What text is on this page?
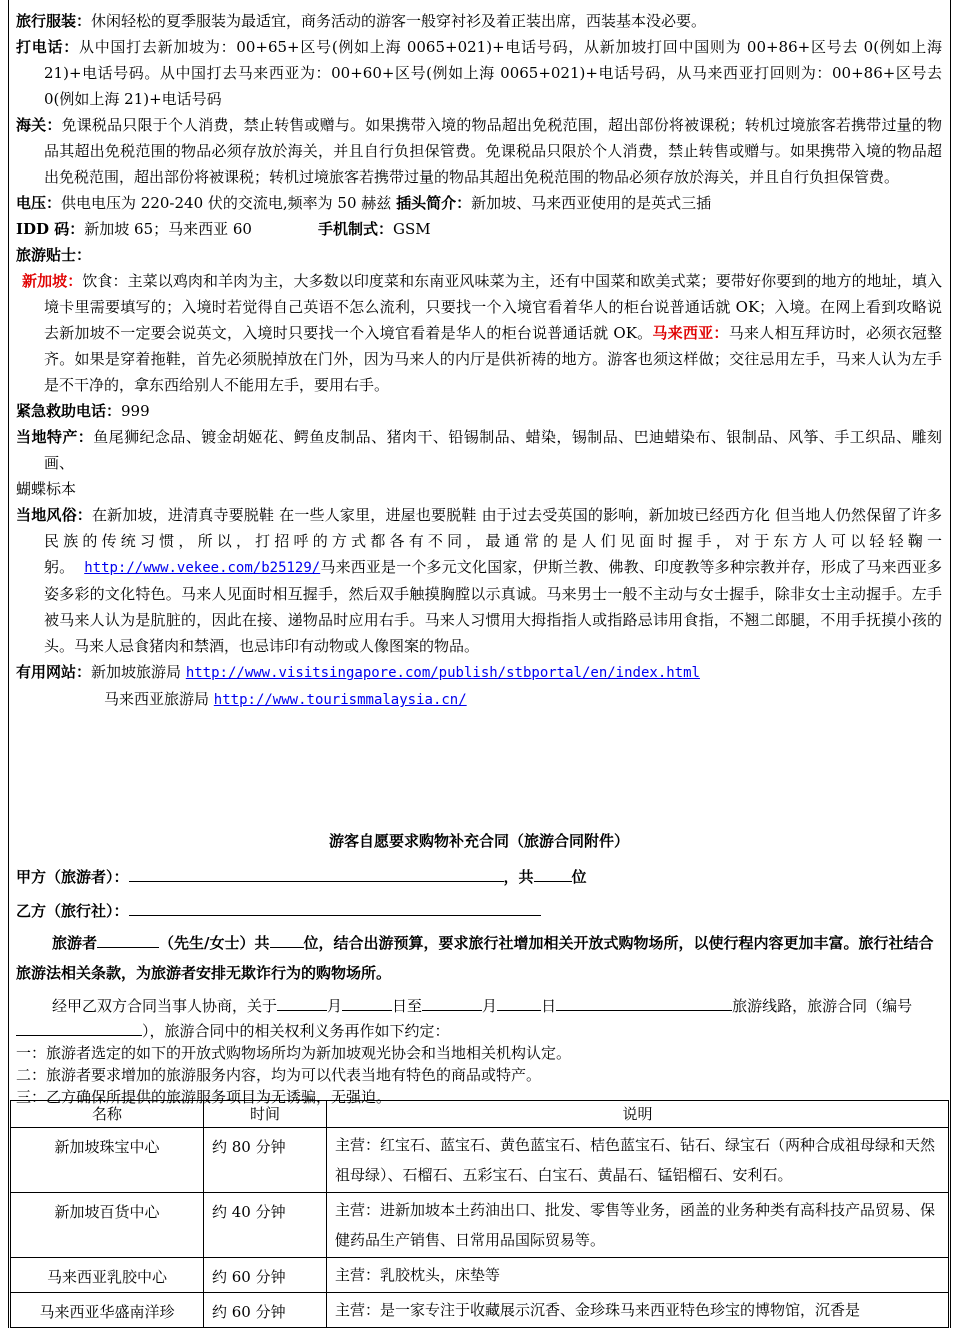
旅行服装：休闲轻松的夏季服装为最适宜，商务活动的游客一般穿衬衫及着正装出席，西装基本没必要。

打电话：从中国打去新加坡为：00+65+区号(例如上海 0065+021)+电话号码，从新加坡打回中国则为 00+86+区号去 0(例如上海 21)+电话号码。从中国打去马来西亚为：00+60+区号(例如上海 0065+021)+电话号码，从马来西亚打回则为：00+86+区号去 0(例如上海 21)+电话号码

海关：免课税品只限于个人消费，禁止转售或赠与。如果携带入境的物品超出免税范围，超出部份将被课税；转机过境旅客若携带过量的物品其超出免税范围的物品必须存放於海关，并且自行负担保管费。免课税品只限於个人消费，禁止转售或赠与。如果携带入境的物品超出免税范围，超出部份将被课税；转机过境旅客若携带过量的物品其超出免税范围的物品必须存放於海关，并且自行负担保管费。

电压：供电电压为 220-240 伏的交流电,频率为 50 赫兹 插头简介：新加坡、马来西亚使用的是英式三插

IDD 码：新加坡 65；马来西亚 60	手机制式：GSM

旅游贴士：

新加坡：饮食：主菜以鸡肉和羊肉为主，大多数以印度菜和东南亚风味菜为主，还有中国菜和欧美式菜；要带好你要到的地方的地址，填入境卡里需要填写的；入境时若觉得自己英语不怎么流利，只要找一个入境官看着华人的柜台说普通话就 OK；入境。在网上看到攻略说去新加坡不一定要会说英文，入境时只要找一个入境官看着是华人的柜台说普通话就 OK。马来西亚：马来人相互拜访时，必须衣冠整齐。如果是穿着拖鞋，首先必须脱掉放在门外，因为马来人的内厅是供祈祷的地方。游客也须这样做；交往忌用左手，马来人认为左手是不干净的，拿东西给别人不能用左手，要用右手。

紧急救助电话：999

当地特产：鱼尾狮纪念品、镀金胡姬花、鳄鱼皮制品、猪肉干、铅锡制品、蜡染，锡制品、巴迪蜡染布、银制品、风筝、手工织品、雕刻画、

蝴蝶标本

当地风俗：在新加坡，进清真寺要脱鞋 在一些人家里，进屋也要脱鞋 由于过去受英国的影响，新加坡已经西方化 但当地人仍然保留了许多民族的传统习惯，所以，打招呼的方式都各有不同，最通常的是人们见面时握手，对于东方人可以轻轻鞠一躬。 http://www.vekee.com/b25129/马来西亚是一个多元文化国家，伊斯兰教、佛教、印度教等多种宗教并存，形成了马来西亚多姿多彩的文化特色。马来人见面时相互握手，然后双手触摸胸膛以示真诚。马来男士一般不主动与女士握手，除非女士主动握手。左手被马来人认为是肮脏的，因此在接、递物品时应用右手。马来人习惯用大拇指指人或指路忌讳用食指，不翘二郎腿，不用手抚摸小孩的头。马来人忌食猪肉和禁酒，也忌讳印有动物或人像图案的物品。

有用网站：新加坡旅游局 http://www.visitsingapore.com/publish/stbportal/en/index.html

马来西亚旅游局 http://www.tourismmalaysia.cn/

游客自愿要求购物补充合同（旅游合同附件）

甲方（旅游者）：	，共	位

乙方（旅行社）：

旅游者	（先生/女士）共 位，结合出游预算，要求旅行社增加相关开放式购物场所，以使行程内容更加丰富。旅行社结合旅游法相关条款，为旅游者安排无欺诈行为的购物场所。

经甲乙双方合同当事人协商，关于	月	日至	月	日	旅游线路，旅游合同（编号），旅游合同中的相关权利义务再作如下约定：

一：旅游者选定的如下的开放式购物场所均为新加坡观光协会和当地相关机构认定。

二：旅游者要求增加的旅游服务内容，均为可以代表当地有特色的商品或特产。

三：乙方确保所提供的旅游服务项目为无诱骗，无强迫。

名称	时间	说明
新加坡珠宝中心	约 80 分钟	主营：红宝石、蓝宝石、黄色蓝宝石、桔色蓝宝石、钻石、绿宝石（两种合成祖母绿和天然祖母绿）、石榴石、五彩宝石、白宝石、黄晶石、锰铝榴石、安利石。
新加坡百货中心	约 40 分钟	主营：进新加坡本土药油出口、批发、零售等业务，函盖的业务种类有高科技产品贸易、保健药品生产销售、日常用品国际贸易等。
马来西亚乳胶中心	约 60 分钟	主营：乳胶枕头，床垫等
马来西亚华盛南洋珍	约 60 分钟	主营：是一家专注于收藏展示沉香、金珍珠马来西亚特色珍宝的博物馆，沉香是
